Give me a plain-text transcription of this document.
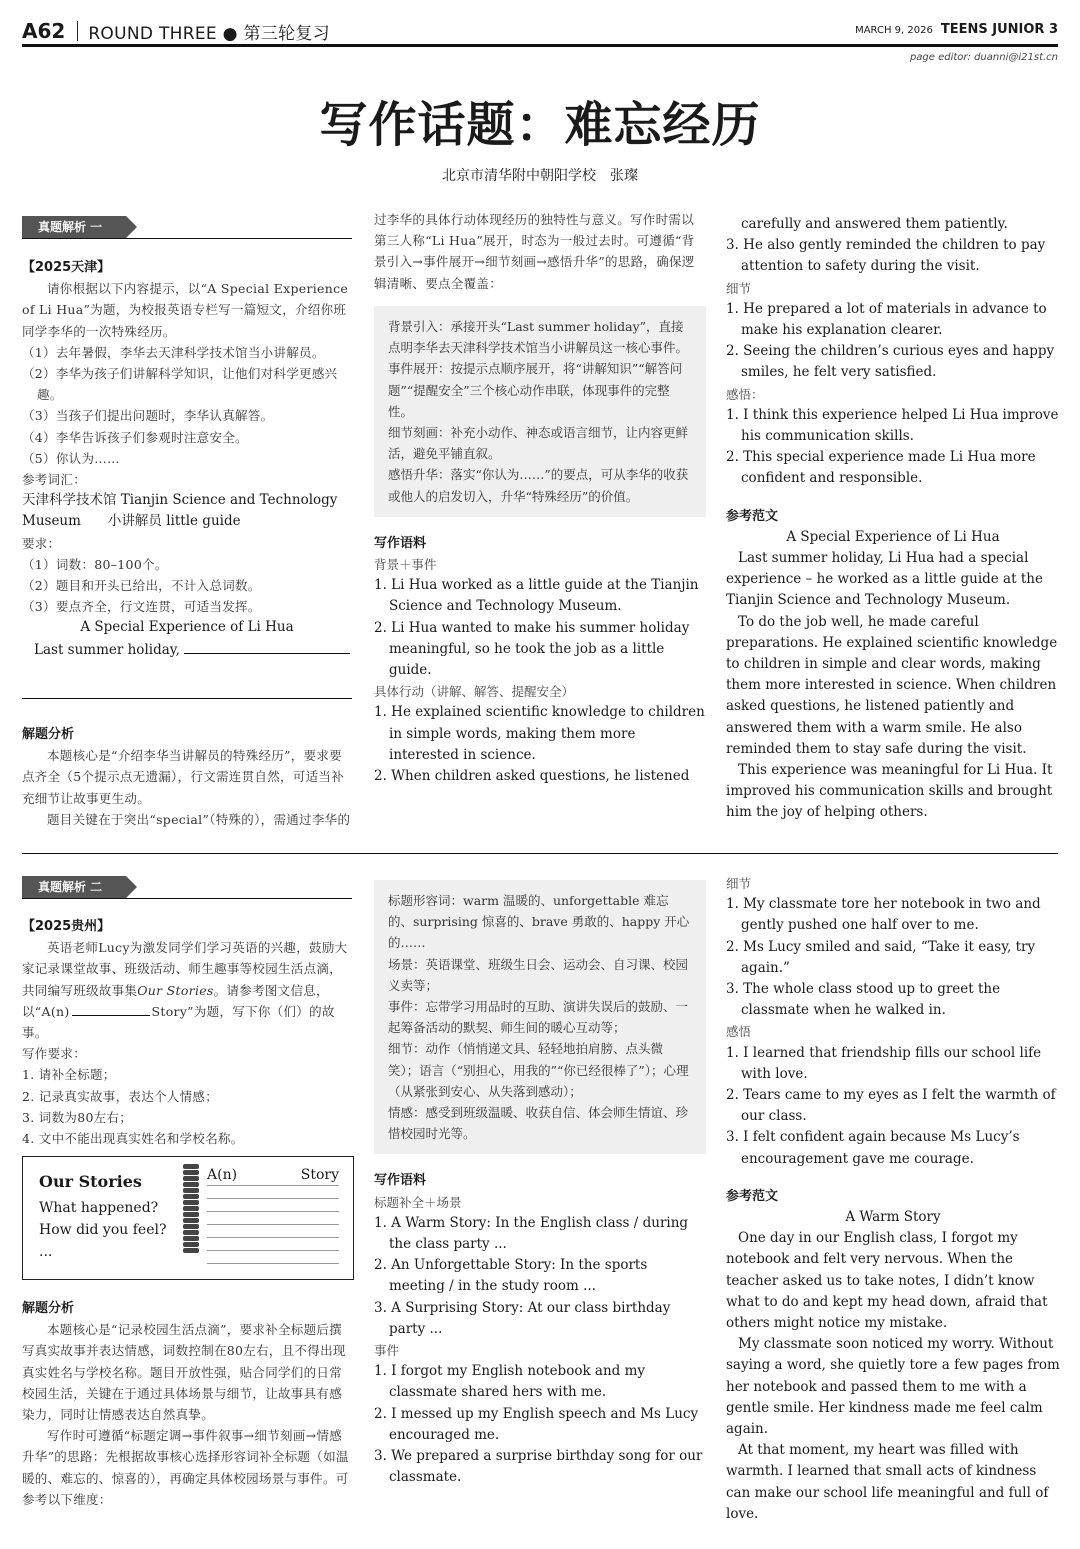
A62 ROUND THREE ● 第三轮复习	MARCH 9, 2026 TEENS JUNIOR 3
page editor: duanni@i21st.cn
写作话题：难忘经历
北京市清华附中朝阳学校　张璨
真题解析 一

【2025天津】

请你根据以下内容提示，以“A Special Experience of Li Hua”为题，为校报英语专栏写一篇短文，介绍你班同学李华的一次特殊经历。

（1）去年暑假，李华去天津科学技术馆当小讲解员。

（2）李华为孩子们讲解科学知识，让他们对科学更感兴趣。

（3）当孩子们提出问题时，李华认真解答。

（4）李华告诉孩子们参观时注意安全。

（5）你认为……

参考词汇：

天津科学技术馆 Tianjin Science and Technology Museum　　小讲解员 little guide

要求：

（1）词数：80–100个。

（2）题目和开头已给出，不计入总词数。

（3）要点齐全，行文连贯，可适当发挥。

A Special Experience of Li Hua

Last summer holiday,

解题分析

本题核心是“介绍李华当讲解员的特殊经历”，要求要点齐全（5个提示点无遗漏），行文需连贯自然，可适当补充细节让故事更生动。

题目关键在于突出“special”（特殊的），需通过李华的

过李华的具体行动体现经历的独特性与意义。写作时需以第三人称“Li Hua”展开，时态为一般过去时。可遵循“背景引入→事件展开→细节刻画→感悟升华”的思路，确保逻辑清晰、要点全覆盖：

背景引入：承接开头“Last summer holiday”，直接点明李华去天津科学技术馆当小讲解员这一核心事件。

事件展开：按提示点顺序展开，将“讲解知识”“解答问题”“提醒安全”三个核心动作串联，体现事件的完整性。

细节刻画：补充小动作、神态或语言细节，让内容更鲜活，避免平铺直叙。

感悟升华：落实“你认为……”的要点，可从李华的收获或他人的启发切入，升华“特殊经历”的价值。

写作语料

背景＋事件

1. Li Hua worked as a little guide at the Tianjin Science and Technology Museum.

2. Li Hua wanted to make his summer holiday meaningful, so he took the job as a little guide.

具体行动（讲解、解答、提醒安全）

1. He explained scientific knowledge to children in simple words, making them more interested in science.

2. When children asked questions, he listened

carefully and answered them patiently.

3. He also gently reminded the children to pay attention to safety during the visit.

细节

1. He prepared a lot of materials in advance to make his explanation clearer.

2. Seeing the children’s curious eyes and happy smiles, he felt very satisfied.

感悟：

1. I think this experience helped Li Hua improve his communication skills.

2. This special experience made Li Hua more confident and responsible.

参考范文

A Special Experience of Li Hua

Last summer holiday, Li Hua had a special experience – he worked as a little guide at the Tianjin Science and Technology Museum.

To do the job well, he made careful preparations. He explained scientific knowledge to children in simple and clear words, making them more interested in science. When children asked questions, he listened patiently and answered them with a warm smile. He also reminded them to stay safe during the visit.

This experience was meaningful for Li Hua. It improved his communication skills and brought him the joy of helping others.

真题解析 二

【2025贵州】

英语老师Lucy为激发同学们学习英语的兴趣，鼓励大家记录课堂故事、班级活动、师生趣事等校园生活点滴，共同编写班级故事集Our Stories。请参考图文信息，以“A(n)	Story”为题，写下你（们）的故事。

写作要求：

1. 请补全标题；

2. 记录真实故事，表达个人情感；

3. 词数为80左右；

4. 文中不能出现真实姓名和学校名称。

Our Stories
What happened?
How did you feel?
...
A(n)	Story

解题分析

本题核心是“记录校园生活点滴”，要求补全标题后撰写真实故事并表达情感，词数控制在80左右，且不得出现真实姓名与学校名称。题目开放性强，贴合同学们的日常校园生活，关键在于通过具体场景与细节，让故事具有感染力，同时让情感表达自然真挚。

写作时可遵循“标题定调→事件叙事→细节刻画→情感升华”的思路：先根据故事核心选择形容词补全标题（如温暖的、难忘的、惊喜的），再确定具体校园场景与事件。可参考以下维度：

标题形容词：warm 温暖的、unforgettable 难忘的、surprising 惊喜的、brave 勇敢的、happy 开心的……

场景：英语课堂、班级生日会、运动会、自习课、校园义卖等；

事件：忘带学习用品时的互助、演讲失误后的鼓励、一起筹备活动的默契、师生间的暖心互动等；

细节：动作（悄悄递文具、轻轻地拍肩膀、点头微笑）；语言（“别担心，用我的”“你已经很棒了”）；心理（从紧张到安心、从失落到感动）；

情感：感受到班级温暖、收获自信、体会师生情谊、珍惜校园时光等。

写作语料

标题补全＋场景

1. A Warm Story: In the English class / during the class party ...

2. An Unforgettable Story: In the sports meeting / in the study room ...

3. A Surprising Story: At our class birthday party ...

事件

1. I forgot my English notebook and my classmate shared hers with me.

2. I messed up my English speech and Ms Lucy encouraged me.

3. We prepared a surprise birthday song for our classmate.

细节

1. My classmate tore her notebook in two and gently pushed one half over to me.

2. Ms Lucy smiled and said, “Take it easy, try again.”

3. The whole class stood up to greet the classmate when he walked in.

感悟

1. I learned that friendship fills our school life with love.

2. Tears came to my eyes as I felt the warmth of our class.

3. I felt confident again because Ms Lucy’s encouragement gave me courage.

参考范文

A Warm Story

One day in our English class, I forgot my notebook and felt very nervous. When the teacher asked us to take notes, I didn’t know what to do and kept my head down, afraid that others might notice my mistake.

My classmate soon noticed my worry. Without saying a word, she quietly tore a few pages from her notebook and passed them to me with a gentle smile. Her kindness made me feel calm again.

At that moment, my heart was filled with warmth. I learned that small acts of kindness can make our school life meaningful and full of love.
